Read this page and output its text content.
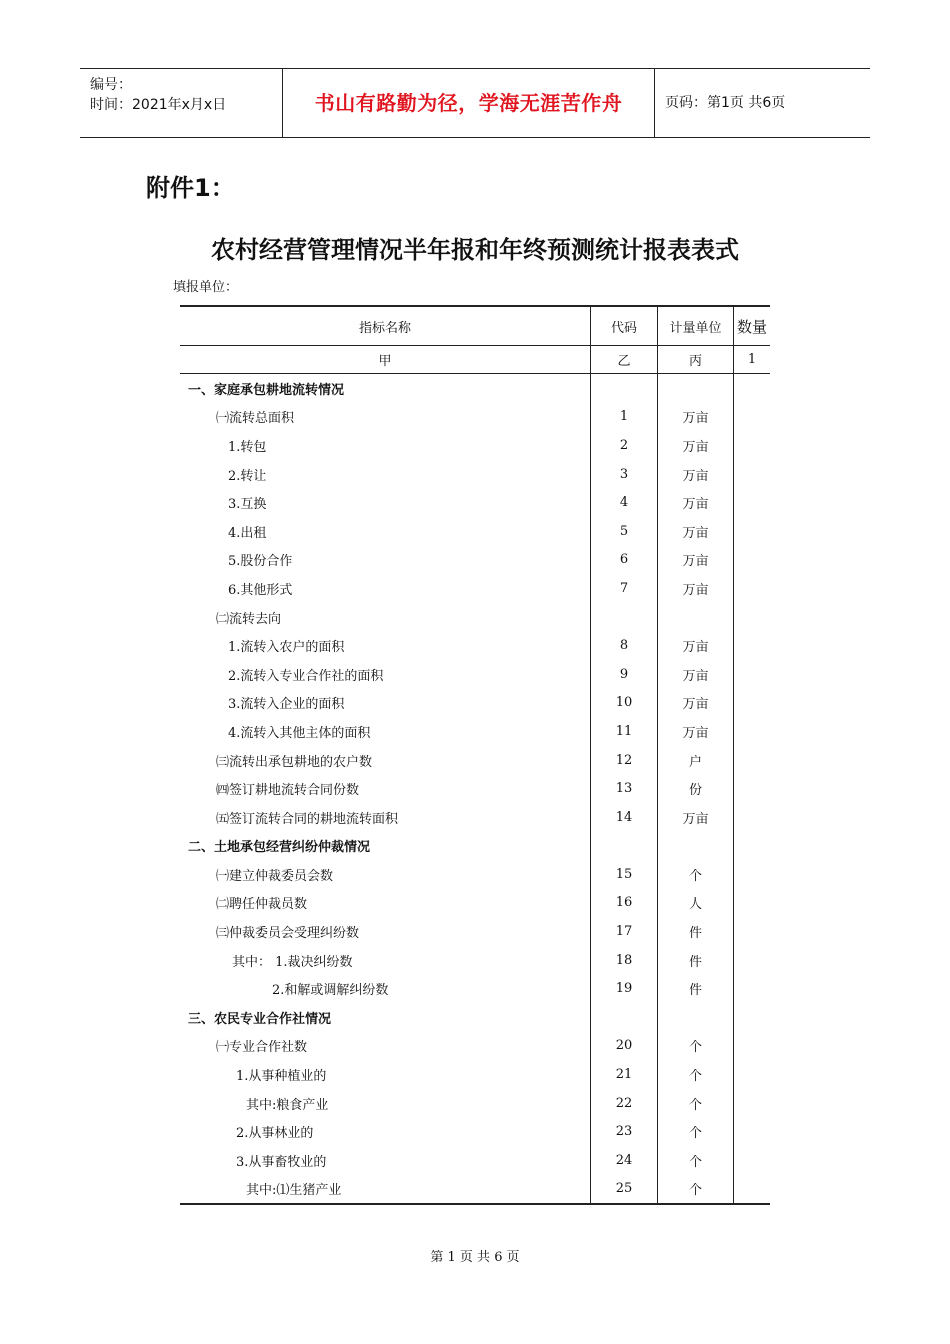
编号：
时间：2021年x月x日	书山有路勤为径，学海无涯苦作舟	页码：第1页 共6页
附件1：
农村经营管理情况半年报和年终预测统计报表表式
填报单位：
指标名称	代码	计量单位	数量
甲	乙	丙	1
一、家庭承包耕地流转情况			
㈠流转总面积	1	万亩	
1.转包	2	万亩	
2.转让	3	万亩	
3.互换	4	万亩	
4.出租	5	万亩	
5.股份合作	6	万亩	
6.其他形式	7	万亩	
㈡流转去向			
1.流转入农户的面积	8	万亩	
2.流转入专业合作社的面积	9	万亩	
3.流转入企业的面积	10	万亩	
4.流转入其他主体的面积	11	万亩	
㈢流转出承包耕地的农户数	12	户	
㈣签订耕地流转合同份数	13	份	
㈤签订流转合同的耕地流转面积	14	万亩	
二、土地承包经营纠纷仲裁情况			
㈠建立仲裁委员会数	15	个	
㈡聘任仲裁员数	16	人	
㈢仲裁委员会受理纠纷数	17	件	
其中： 1.裁决纠纷数	18	件	
2.和解或调解纠纷数	19	件	
三、农民专业合作社情况			
㈠专业合作社数	20	个	
1.从事种植业的	21	个	
其中:粮食产业	22	个	
2.从事林业的	23	个	
3.从事畜牧业的	24	个	
其中:⑴生猪产业	25	个	
第 1 页 共 6 页
